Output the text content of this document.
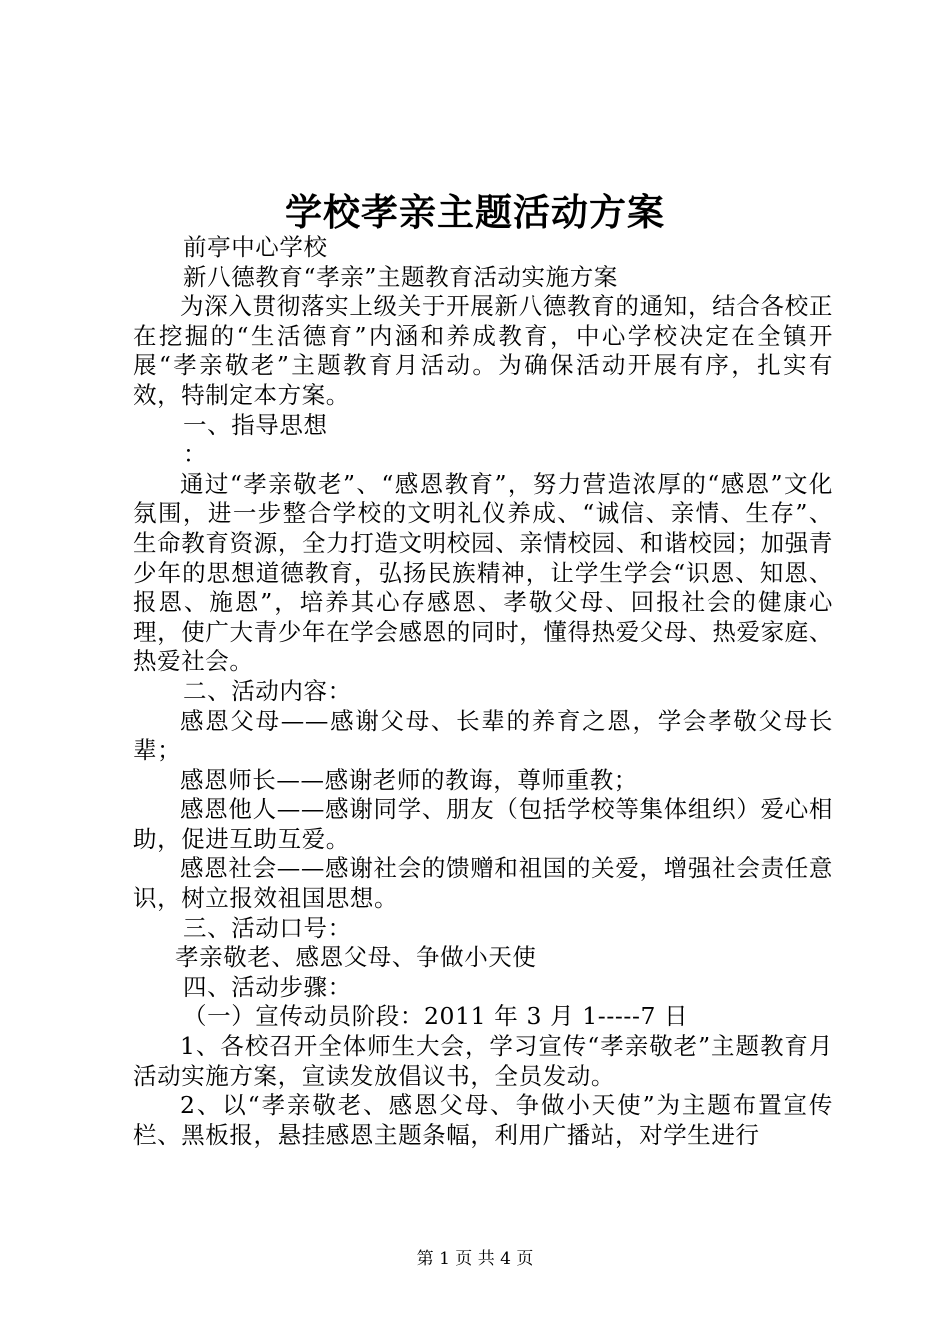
学校孝亲主题活动方案

前亭中心学校

新八德教育“孝亲”主题教育活动实施方案

为深入贯彻落实上级关于开展新八德教育的通知，结合各校正在挖掘的“生活德育”内涵和养成教育，中心学校决定在全镇开展“孝亲敬老”主题教育月活动。为确保活动开展有序，扎实有效，特制定本方案。

一、指导思想

：

通过“孝亲敬老”、“感恩教育”，努力营造浓厚的“感恩”文化氛围，进一步整合学校的文明礼仪养成、“诚信、亲情、生存”、生命教育资源，全力打造文明校园、亲情校园、和谐校园；加强青少年的思想道德教育，弘扬民族精神，让学生学会“识恩、知恩、报恩、施恩”，培养其心存感恩、孝敬父母、回报社会的健康心理，使广大青少年在学会感恩的同时，懂得热爱父母、热爱家庭、热爱社会。

二、活动内容：

感恩父母——感谢父母、长辈的养育之恩，学会孝敬父母长辈；

感恩师长——感谢老师的教诲，尊师重教；

感恩他人——感谢同学、朋友（包括学校等集体组织）爱心相助，促进互助互爱。

感恩社会——感谢社会的馈赠和祖国的关爱，增强社会责任意识，树立报效祖国思想。

三、活动口号：

孝亲敬老、感恩父母、争做小天使

四、活动步骤：

（一）宣传动员阶段：2011 年 3 月 1-----7 日

1、各校召开全体师生大会，学习宣传“孝亲敬老”主题教育月活动实施方案，宣读发放倡议书，全员发动。

2、以“孝亲敬老、感恩父母、争做小天使”为主题布置宣传栏、黑板报，悬挂感恩主题条幅，利用广播站，对学生进行

第 1 页 共 4 页
